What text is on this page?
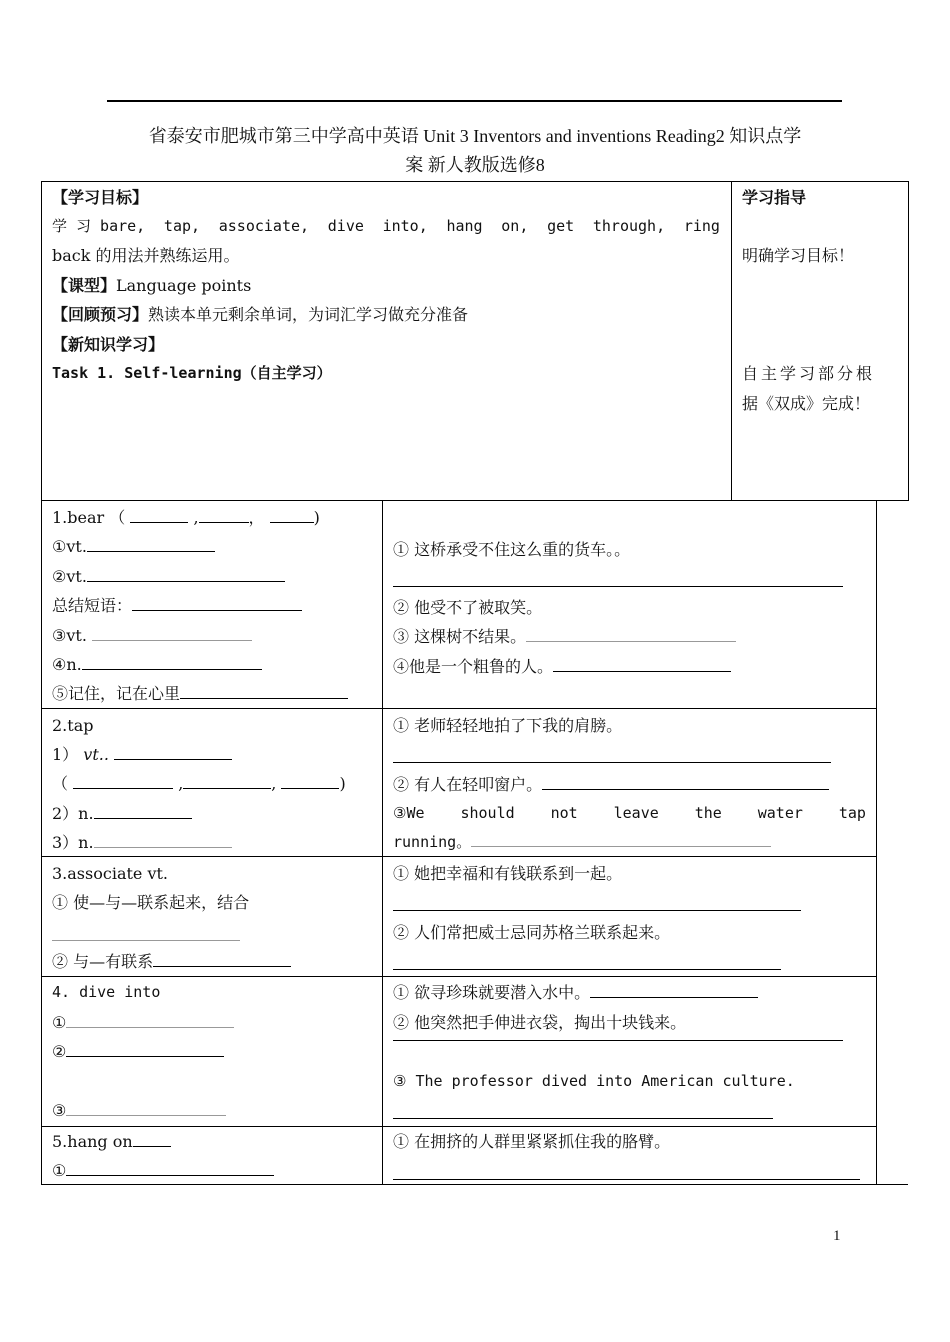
省泰安市肥城市第三中学高中英语 Unit 3 Inventors and inventions Reading2 知识点学
案 新人教版选修8
【学习目标】
学 习 bare, tap, associate, dive into, hang on, get through, ring
back 的用法并熟练运用。
【课型】Language points
【回顾预习】熟读本单元剩余单词，为词汇学习做充分准备
【新知识学习】
Task 1. Self-learning（自主学习）
学习指导
明确学习目标！
自主学习部分根
据《双成》完成！
1.bear （	,	，	)
①vt.
②vt.
总结短语：
③vt.
④n.
⑤记住，记在心里
① 这桥承受不住这么重的货车。。
② 他受不了被取笑。
③ 这棵树不结果。
④他是一个粗鲁的人。
2.tap
1） vt..
（	,	,	)
2）n.
3）n.
① 老师轻轻地拍了下我的肩膀。
② 有人在轻叩窗户。
③We should not leave the water tap
running。
3.associate vt.
① 使—与—联系起来，结合
② 与—有联系
① 她把幸福和有钱联系到一起。
② 人们常把威士忌同苏格兰联系起来。
4. dive into
①
②
③
① 欲寻珍珠就要潜入水中。
② 他突然把手伸进衣袋，掏出十块钱来。
③ The professor dived into American culture.
5.hang on
①
① 在拥挤的人群里紧紧抓住我的胳臂。
1
